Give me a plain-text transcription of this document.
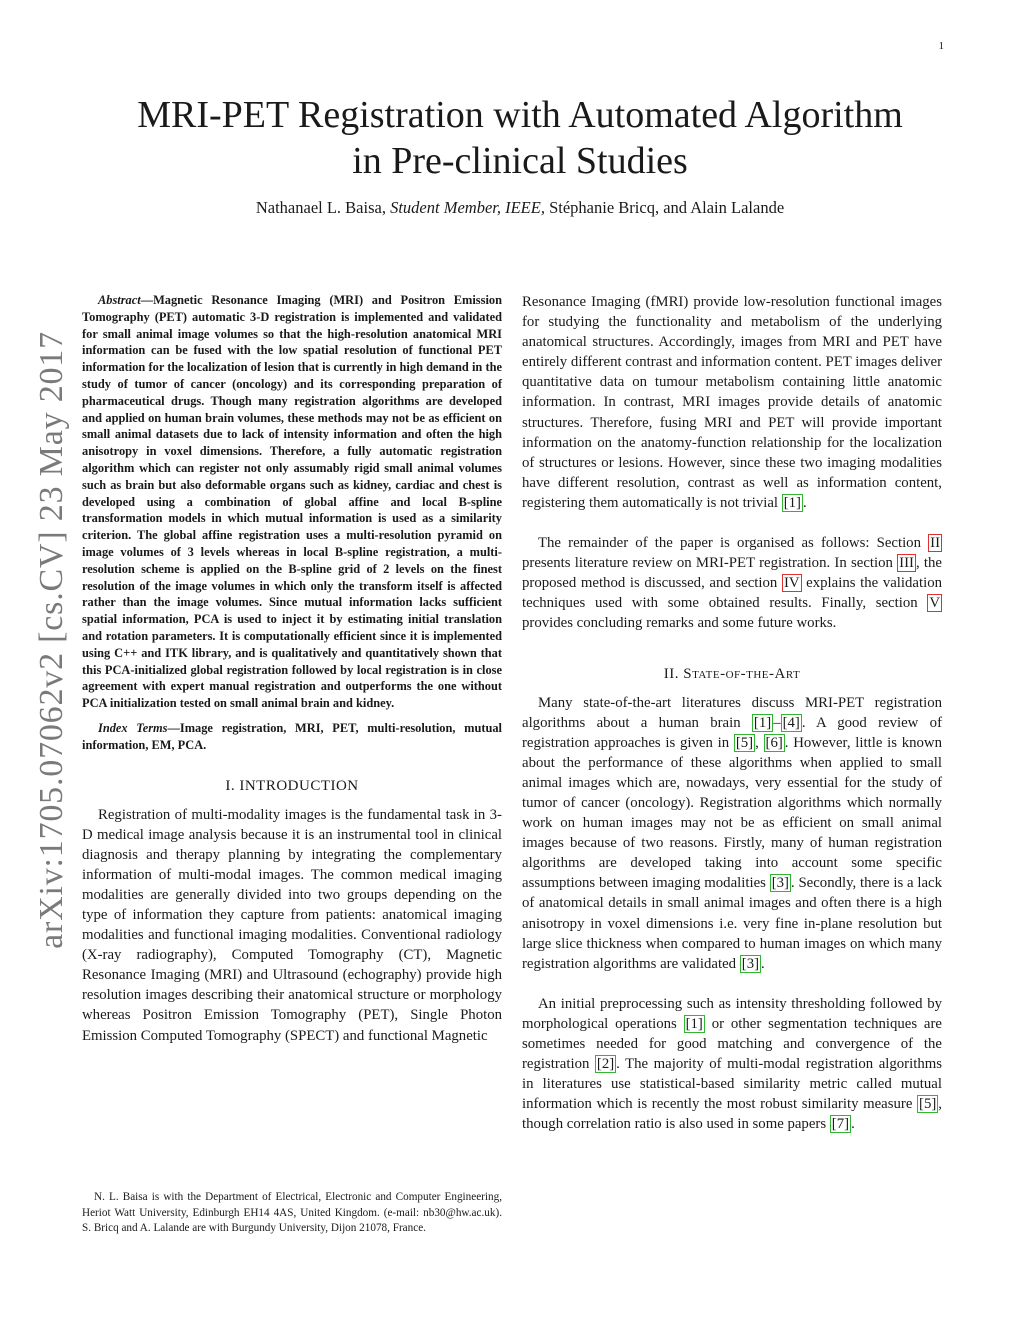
1
arXiv:1705.07062v2 [cs.CV] 23 May 2017
MRI-PET Registration with Automated Algorithm
in Pre-clinical Studies
Nathanael L. Baisa, Student Member, IEEE, Stéphanie Bricq, and Alain Lalande

Abstract—Magnetic Resonance Imaging (MRI) and Positron Emission Tomography (PET) automatic 3-D registration is implemented and validated for small animal image volumes so that the high-resolution anatomical MRI information can be fused with the low spatial resolution of functional PET information for the localization of lesion that is currently in high demand in the study of tumor of cancer (oncology) and its corresponding preparation of pharmaceutical drugs. Though many registration algorithms are developed and applied on human brain volumes, these methods may not be as efficient on small animal datasets due to lack of intensity information and often the high anisotropy in voxel dimensions. Therefore, a fully automatic registration algorithm which can register not only assumably rigid small animal volumes such as brain but also deformable organs such as kidney, cardiac and chest is developed using a combination of global affine and local B-spline transformation models in which mutual information is used as a similarity criterion. The global affine registration uses a multi-resolution pyramid on image volumes of 3 levels whereas in local B-spline registration, a multi-resolution scheme is applied on the B-spline grid of 2 levels on the finest resolution of the image volumes in which only the transform itself is affected rather than the image volumes. Since mutual information lacks sufficient spatial information, PCA is used to inject it by estimating initial translation and rotation parameters. It is computationally efficient since it is implemented using C++ and ITK library, and is qualitatively and quantitatively shown that this PCA-initialized global registration followed by local registration is in close agreement with expert manual registration and outperforms the one without PCA initialization tested on small animal brain and kidney.

Index Terms—Image registration, MRI, PET, multi-resolution, mutual information, EM, PCA.

I. INTRODUCTION

Registration of multi-modality images is the fundamental task in 3-D medical image analysis because it is an instrumental tool in clinical diagnosis and therapy planning by integrating the complementary information of multi-modal images. The common medical imaging modalities are generally divided into two groups depending on the type of information they capture from patients: anatomical imaging modalities and functional imaging modalities. Conventional radiology (X-ray radiography), Computed Tomography (CT), Magnetic Resonance Imaging (MRI) and Ultrasound (echography) provide high resolution images describing their anatomical structure or morphology whereas Positron Emission Tomography (PET), Single Photon Emission Computed Tomography (SPECT) and functional Magnetic

N. L. Baisa is with the Department of Electrical, Electronic and Computer Engineering, Heriot Watt University, Edinburgh EH14 4AS, United Kingdom. (e-mail: nb30@hw.ac.uk). S. Bricq and A. Lalande are with Burgundy University, Dijon 21078, France.

Resonance Imaging (fMRI) provide low-resolution functional images for studying the functionality and metabolism of the underlying anatomical structures. Accordingly, images from MRI and PET have entirely different contrast and information content. PET images deliver quantitative data on tumour metabolism containing little anatomic information. In contrast, MRI images provide details of anatomic structures. Therefore, fusing MRI and PET will provide important information on the anatomy-function relationship for the localization of structures or lesions. However, since these two imaging modalities have different resolution, contrast as well as information content, registering them automatically is not trivial [1] .

The remainder of the paper is organised as follows: Section II presents literature review on MRI-PET registration. In section III , the proposed method is discussed, and section IV explains the validation techniques used with some obtained results. Finally, section V provides concluding remarks and some future works.

II. State-of-the-Art

Many state-of-the-art literatures discuss MRI-PET registration algorithms about a human brain [1] – [4] . A good review of registration approaches is given in [5] , [6] . However, little is known about the performance of these algorithms when applied to small animal images which are, nowadays, very essential for the study of tumor of cancer (oncology). Registration algorithms which normally work on human images may not be as efficient on small animal images because of two reasons. Firstly, many of human registration algorithms are developed taking into account some specific assumptions between imaging modalities [3] . Secondly, there is a lack of anatomical details in small animal images and often there is a high anisotropy in voxel dimensions i.e. very fine in-plane resolution but large slice thickness when compared to human images on which many registration algorithms are validated [3] .

An initial preprocessing such as intensity thresholding followed by morphological operations [1] or other segmentation techniques are sometimes needed for good matching and convergence of the registration [2] . The majority of multi-modal registration algorithms in literatures use statistical-based similarity metric called mutual information which is recently the most robust similarity measure [5] , though correlation ratio is also used in some papers [7] .
